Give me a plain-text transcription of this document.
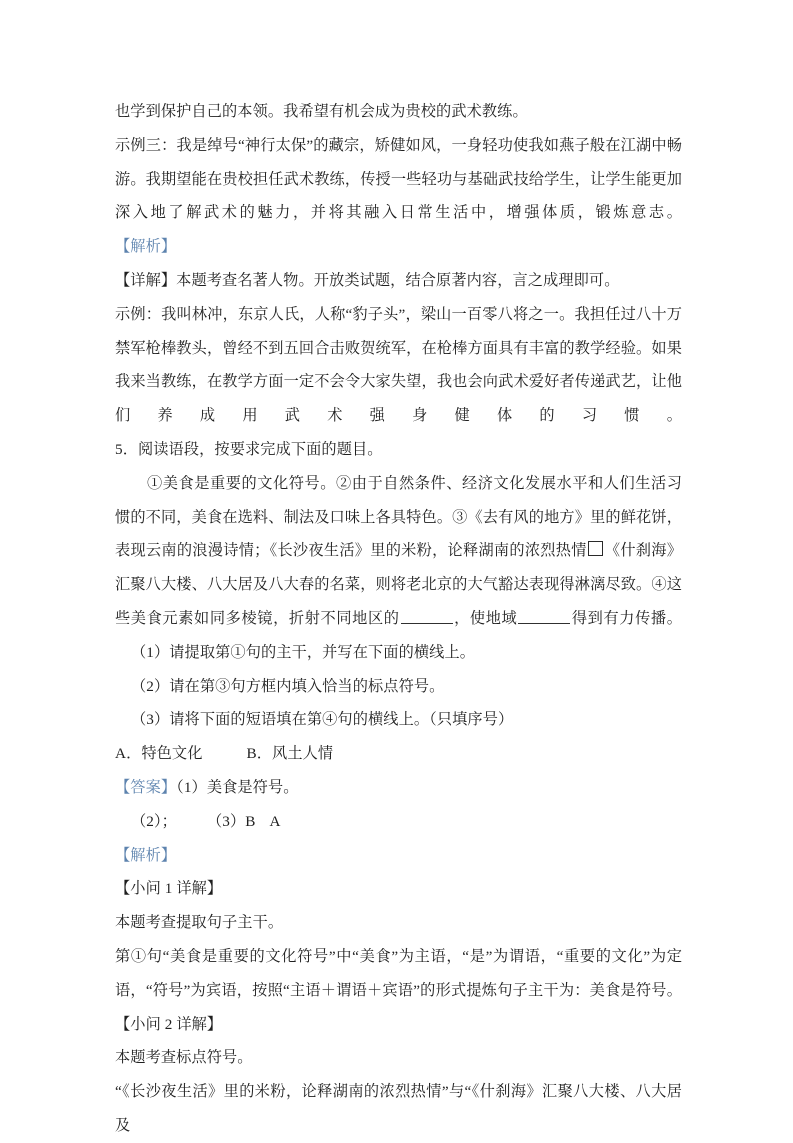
也学到保护自己的本领。我希望有机会成为贵校的武术教练。
示例三：我是绰号“神行太保”的藏宗，矫健如风，一身轻功使我如燕子般在江湖中畅游。我期望能在贵校担任武术教练，传授一些轻功与基础武技给学生，让学生能更加深入地了解武术的魅力，并将其融入日常生活中，增强体质，锻炼意志。
【解析】
【详解】本题考查名著人物。开放类试题，结合原著内容，言之成理即可。
示例：我叫林冲，东京人氏，人称“豹子头”，梁山一百零八将之一。我担任过八十万禁军枪棒教头，曾经不到五回合击败贺统军，在枪棒方面具有丰富的教学经验。如果我来当教练，在教学方面一定不会令大家失望，我也会向武术爱好者传递武艺，让他们养成用武术强身健体的习惯。
5．阅读语段，按要求完成下面的题目。
①美食是重要的文化符号。②由于自然条件、经济文化发展水平和人们生活习惯的不同，美食在选料、制法及口味上各具特色。③《去有风的地方》里的鲜花饼，表现云南的浪漫诗情；《长沙夜生活》里的米粉，论释湖南的浓烈热情 《什刹海》汇聚八大楼、八大居及八大春的名菜，则将老北京的大气豁达表现得淋漓尽致。④这些美食元素如同多棱镜，折射不同地区的	，使地域	得到有力传播。
（1）请提取第①句的主干，并写在下面的横线上。
（2）请在第③句方框内填入恰当的标点符号。
（3）请将下面的短语填在第④句的横线上。（只填序号）
A．特色文化	B．风土人情
【答案】（1）美食是符号。
（2）； （3）B A
【解析】
【小问 1 详解】
本题考查提取句子主干。
第①句“美食是重要的文化符号”中“美食”为主语，“是”为谓语，“重要的文化”为定语，“符号”为宾语，按照“主语＋谓语＋宾语”的形式提炼句子主干为：美食是符号。
【小问 2 详解】
本题考查标点符号。
“《长沙夜生活》里的米粉，论释湖南的浓烈热情”与“《什刹海》汇聚八大楼、八大居及
